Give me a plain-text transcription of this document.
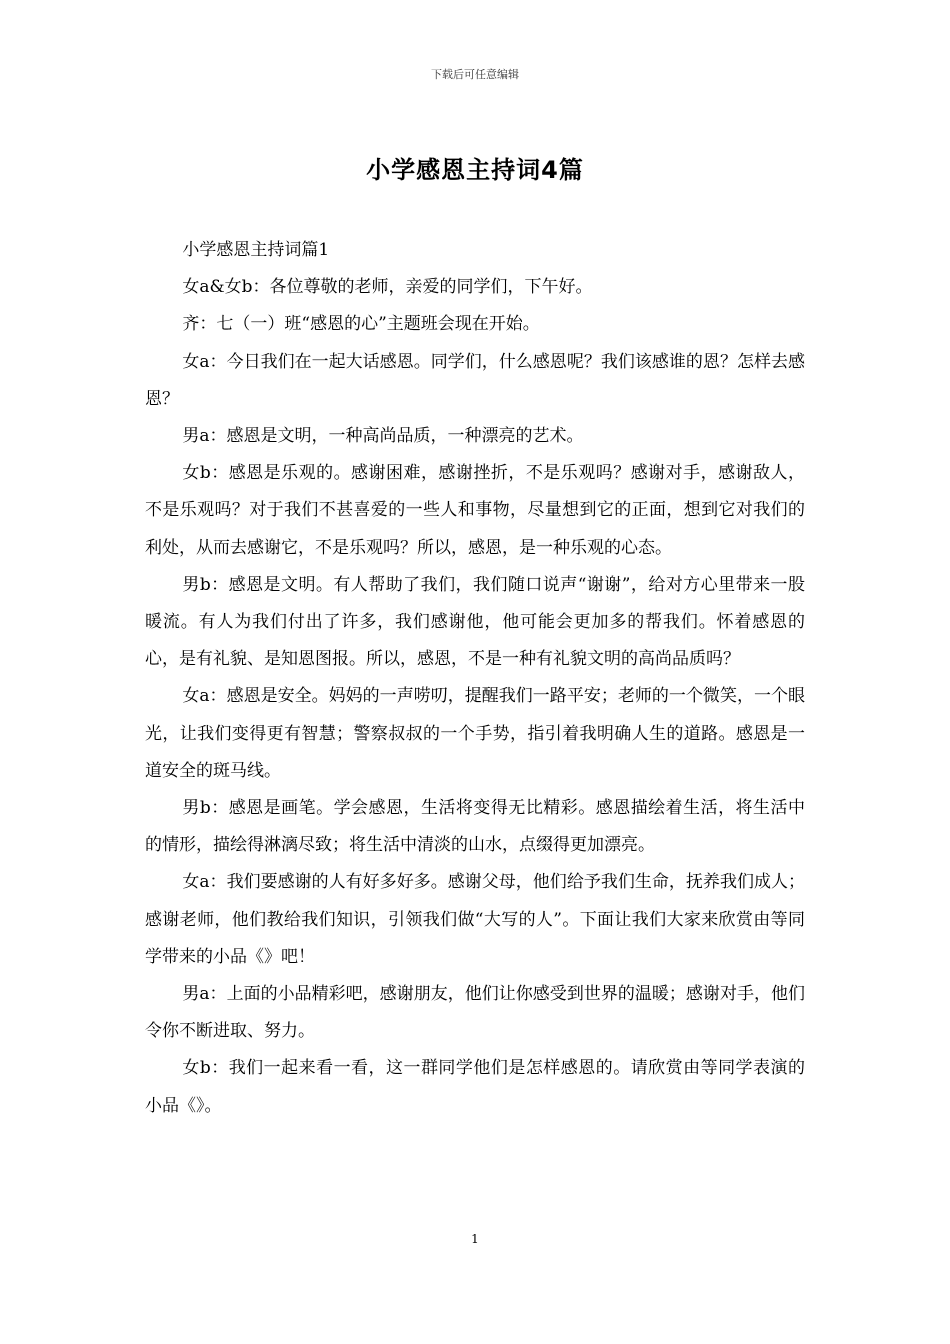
下载后可任意编辑
小学感恩主持词4篇

小学感恩主持词篇1

女a&女b：各位尊敬的老师，亲爱的同学们，下午好。

齐：七（一）班“感恩的心”主题班会现在开始。

女a：今日我们在一起大话感恩。同学们，什么感恩呢？我们该感谁的恩？怎样去感恩？

男a：感恩是文明，一种高尚品质，一种漂亮的艺术。

女b：感恩是乐观的。感谢困难，感谢挫折，不是乐观吗？感谢对手，感谢敌人，不是乐观吗？对于我们不甚喜爱的一些人和事物，尽量想到它的正面，想到它对我们的利处，从而去感谢它，不是乐观吗？所以，感恩，是一种乐观的心态。

男b：感恩是文明。有人帮助了我们，我们随口说声“谢谢”，给对方心里带来一股暖流。有人为我们付出了许多，我们感谢他，他可能会更加多的帮我们。怀着感恩的心，是有礼貌、是知恩图报。所以，感恩，不是一种有礼貌文明的高尚品质吗？

女a：感恩是安全。妈妈的一声唠叨，提醒我们一路平安；老师的一个微笑，一个眼光，让我们变得更有智慧；警察叔叔的一个手势，指引着我明确人生的道路。感恩是一道安全的斑马线。

男b：感恩是画笔。学会感恩，生活将变得无比精彩。感恩描绘着生活，将生活中的情形，描绘得淋漓尽致；将生活中清淡的山水，点缀得更加漂亮。

女a：我们要感谢的人有好多好多。感谢父母，他们给予我们生命，抚养我们成人；感谢老师，他们教给我们知识，引领我们做“大写的人”。下面让我们大家来欣赏由等同学带来的小品《》吧！

男a：上面的小品精彩吧，感谢朋友，他们让你感受到世界的温暖；感谢对手，他们令你不断进取、努力。

女b：我们一起来看一看，这一群同学他们是怎样感恩的。请欣赏由等同学表演的小品《》。

1
